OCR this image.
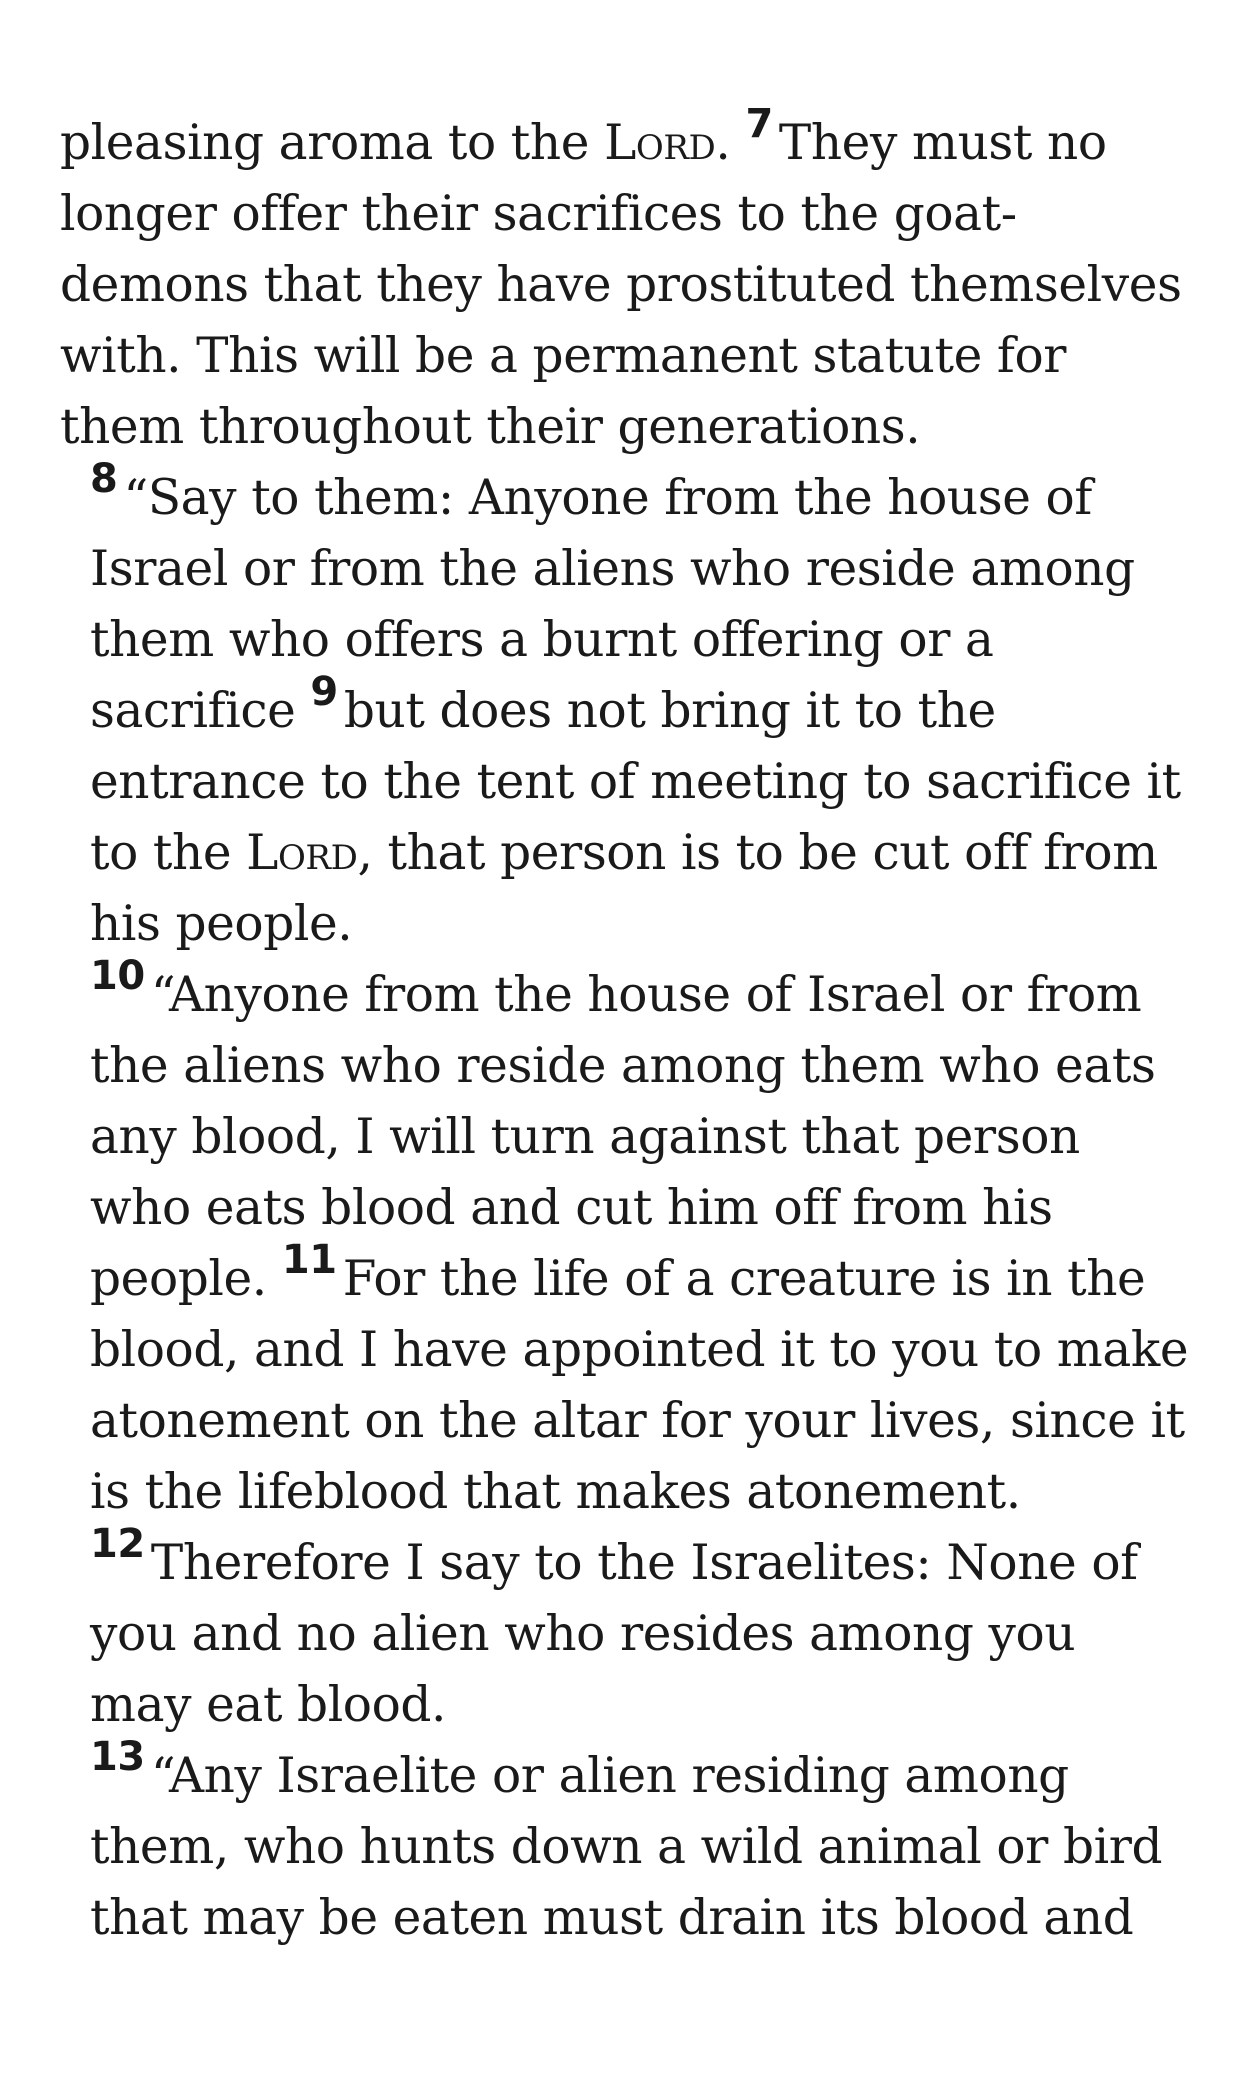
pleasing aroma to the Lord. $^7$ They must no longer offer their sacrifices to the goat-demons that they have prostituted themselves with. This will be a permanent statute for them throughout their generations.

$^8$ “Say to them: Anyone from the house of Israel or from the aliens who reside among them who offers a burnt offering or a sacrifice $^9$ but does not bring it to the entrance to the tent of meeting to sacrifice it to the Lord, that person is to be cut off from his people.

$^{10}$ “Anyone from the house of Israel or from the aliens who reside among them who eats any blood, I will turn against that person who eats blood and cut him off from his people. $^{11}$ For the life of a creature is in the blood, and I have appointed it to you to make atonement on the altar for your lives, since it is the lifeblood that makes atonement. $^{12}$ Therefore I say to the Israelites: None of you and no alien who resides among you may eat blood.

$^{13}$ “Any Israelite or alien residing among them, who hunts down a wild animal or bird that may be eaten must drain its blood and
